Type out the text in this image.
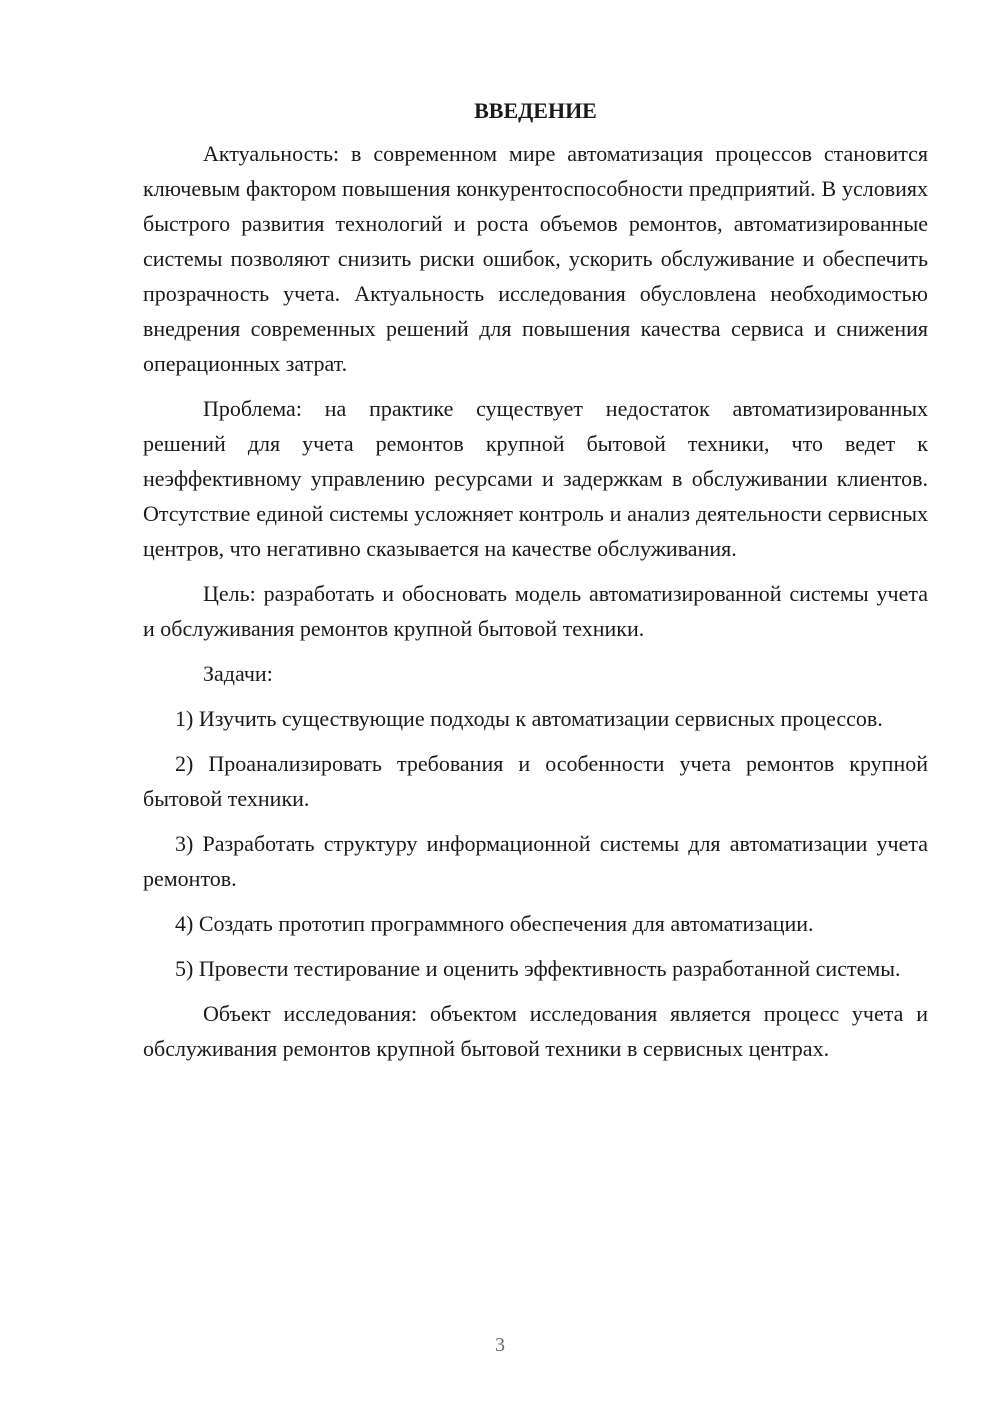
ВВЕДЕНИЕ

Актуальность: в современном мире автоматизация процессов становится ключевым фактором повышения конкурентоспособности предприятий. В условиях быстрого развития технологий и роста объемов ремонтов, автоматизированные системы позволяют снизить риски ошибок, ускорить обслуживание и обеспечить прозрачность учета. Актуальность исследования обусловлена необходимостью внедрения современных решений для повышения качества сервиса и снижения операционных затрат.

Проблема: на практике существует недостаток автоматизированных решений для учета ремонтов крупной бытовой техники, что ведет к неэффективному управлению ресурсами и задержкам в обслуживании клиентов. Отсутствие единой системы усложняет контроль и анализ деятельности сервисных центров, что негативно сказывается на качестве обслуживания.

Цель: разработать и обосновать модель автоматизированной системы учета и обслуживания ремонтов крупной бытовой техники.

Задачи:

1) Изучить существующие подходы к автоматизации сервисных процессов.

2) Проанализировать требования и особенности учета ремонтов крупной бытовой техники.

3) Разработать структуру информационной системы для автоматизации учета ремонтов.

4) Создать прототип программного обеспечения для автоматизации.

5) Провести тестирование и оценить эффективность разработанной системы.

Объект исследования: объектом исследования является процесс учета и обслуживания ремонтов крупной бытовой техники в сервисных центрах.

3
